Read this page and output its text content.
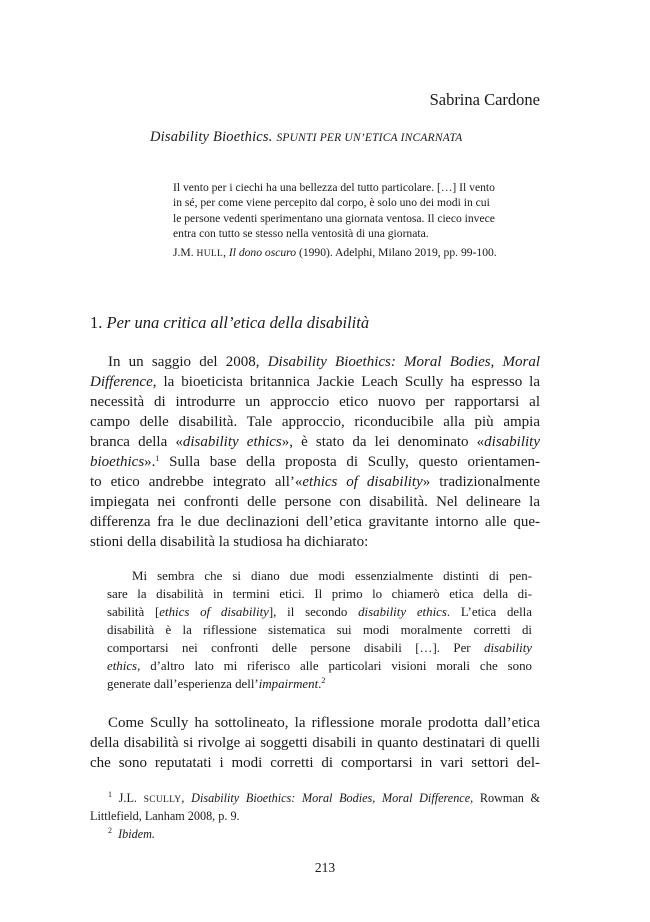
Sabrina Cardone
Disability Bioethics. SPUNTI PER UN’ETICA INCARNATA
Il vento per i ciechi ha una bellezza del tutto particolare. […] Il vento
in sé, per come viene percepito dal corpo, è solo uno dei modi in cui
le persone vedenti sperimentano una giornata ventosa. Il cieco invece
entra con tutto se stesso nella ventosità di una giornata.
J.M. HULL, Il dono oscuro (1990). Adelphi, Milano 2019, pp. 99-100.
1. Per una critica all’etica della disabilità
In un saggio del 2008, Disability Bioethics: Moral Bodies, Moral
Difference, la bioeticista britannica Jackie Leach Scully ha espresso la
necessità di introdurre un approccio etico nuovo per rapportarsi al
campo delle disabilità. Tale approccio, riconducibile alla più ampia
branca della «disability ethics», è stato da lei denominato «disability
bioethics».$^1$ Sulla base della proposta di Scully, questo orientamen-
to etico andrebbe integrato all’«ethics of disability» tradizionalmente
impiegata nei confronti delle persone con disabilità. Nel delineare la
differenza fra le due declinazioni dell’etica gravitante intorno alle que-
stioni della disabilità la studiosa ha dichiarato:
Mi sembra che si diano due modi essenzialmente distinti di pen-
sare la disabilità in termini etici. Il primo lo chiamerò etica della di-
sabilità [ethics of disability], il secondo disability ethics. L’etica della
disabilità è la riflessione sistematica sui modi moralmente corretti di
comportarsi nei confronti delle persone disabili […]. Per disability
ethics, d’altro lato mi riferisco alle particolari visioni morali che sono
generate dall’esperienza dell’impairment.$^2$
Come Scully ha sottolineato, la riflessione morale prodotta dall’etica
della disabilità si rivolge ai soggetti disabili in quanto destinatari di quelli
che sono reputatati i modi corretti di comportarsi in vari settori del-
$^1$ J.L. SCULLY, Disability Bioethics: Moral Bodies, Moral Difference, Rowman &
Littlefield, Lanham 2008, p. 9.
$^2$ Ibidem.
213
